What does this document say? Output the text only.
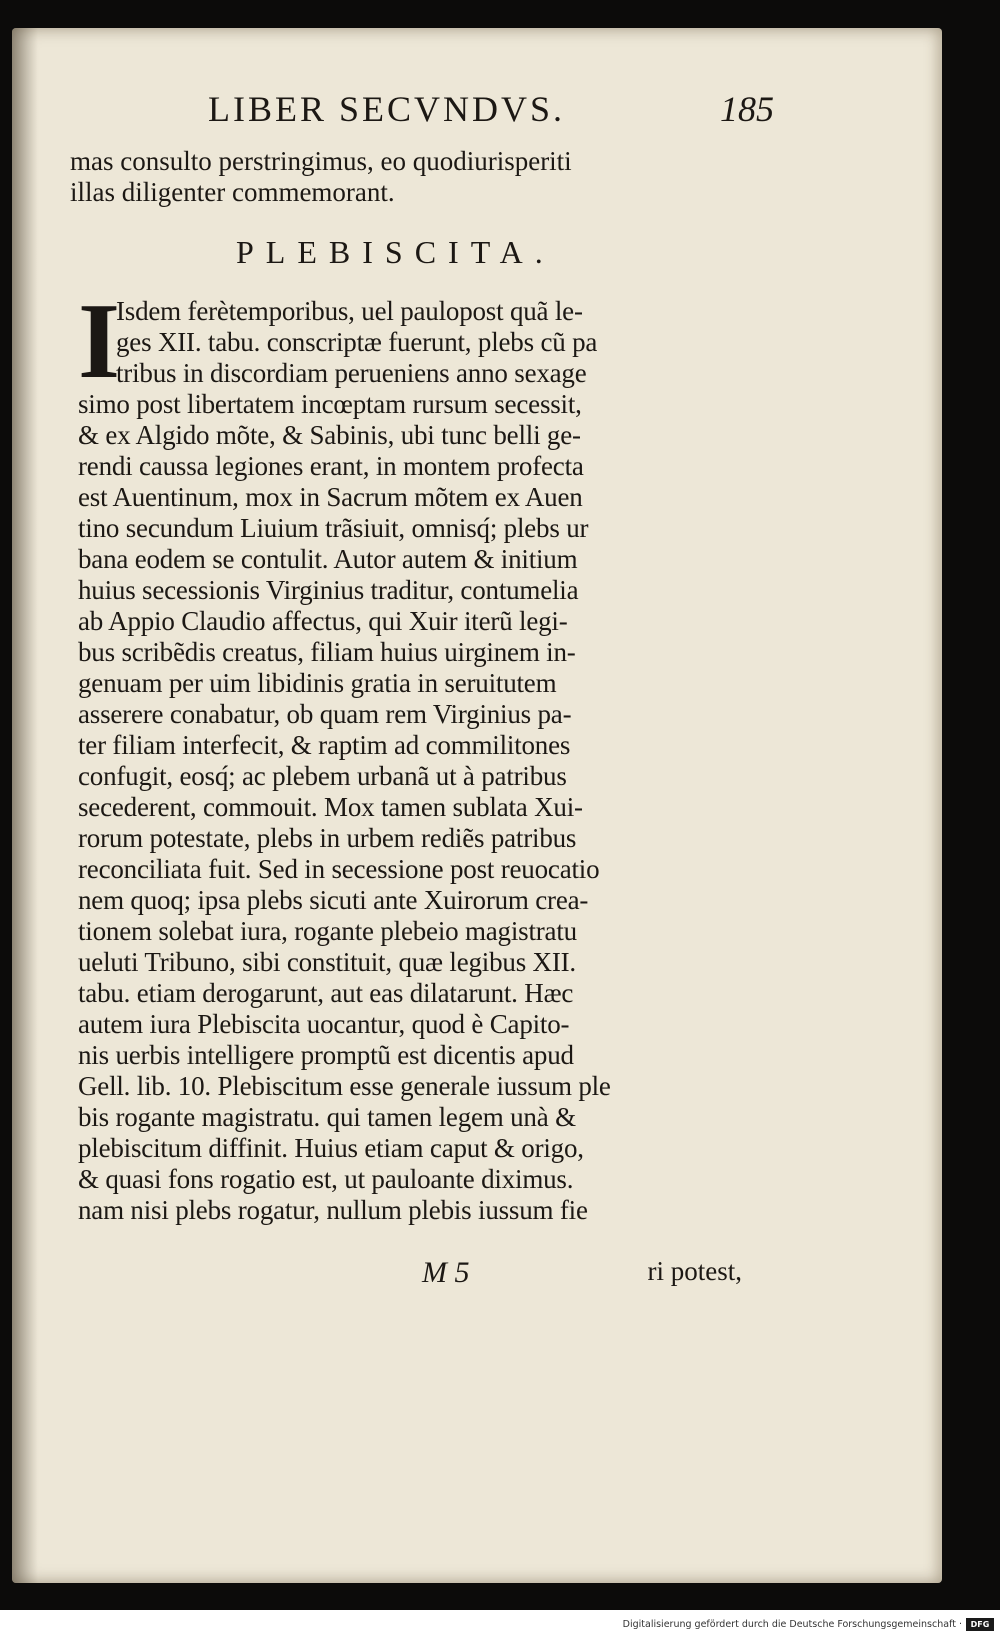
LIBER SECVNDVS.	185
mas consulto perstringimus, eo quodiurisperiti
illas diligenter commemorant.
PLEBISCITA.
I
Isdem ferètemporibus, uel paulopost quã le-
ges XII. tabu. conscriptæ fuerunt, plebs cũ pa
tribus in discordiam perueniens anno sexage
simo post libertatem incœptam rursum secessit,
& ex Algido mõte, & Sabinis, ubi tunc belli ge-
rendi caussa legiones erant, in montem profecta
est Auentinum, mox in Sacrum mõtem ex Auen
tino secundum Liuium trãsiuit, omnisq́; plebs ur
bana eodem se contulit. Autor autem & initium
huius secessionis Virginius traditur, contumelia
ab Appio Claudio affectus, qui Xuir iterũ legi-
bus scribẽdis creatus, filiam huius uirginem in-
genuam per uim libidinis gratia in seruitutem
asserere conabatur, ob quam rem Virginius pa-
ter filiam interfecit, & raptim ad commilitones
confugit, eosq́; ac plebem urbanã ut à patribus
secederent, commouit. Mox tamen sublata Xui-
rorum potestate, plebs in urbem rediẽs patribus
reconciliata fuit. Sed in secessione post reuocatio
nem quoq; ipsa plebs sicuti ante Xuirorum crea-
tionem solebat iura, rogante plebeio magistratu
ueluti Tribuno, sibi constituit, quæ legibus XII.
tabu. etiam derogarunt, aut eas dilatarunt. Hæc
autem iura Plebiscita uocantur, quod è Capito-
nis uerbis intelligere promptũ est dicentis apud
Gell. lib. 10. Plebiscitum esse generale iussum ple
bis rogante magistratu. qui tamen legem unà &
plebiscitum diffinit. Huius etiam caput & origo,
& quasi fons rogatio est, ut pauloante diximus.
nam nisi plebs rogatur, nullum plebis iussum fie
M 5	ri potest,
Digitalisierung gefördert durch die Deutsche Forschungsgemeinschaft ·	DFG
